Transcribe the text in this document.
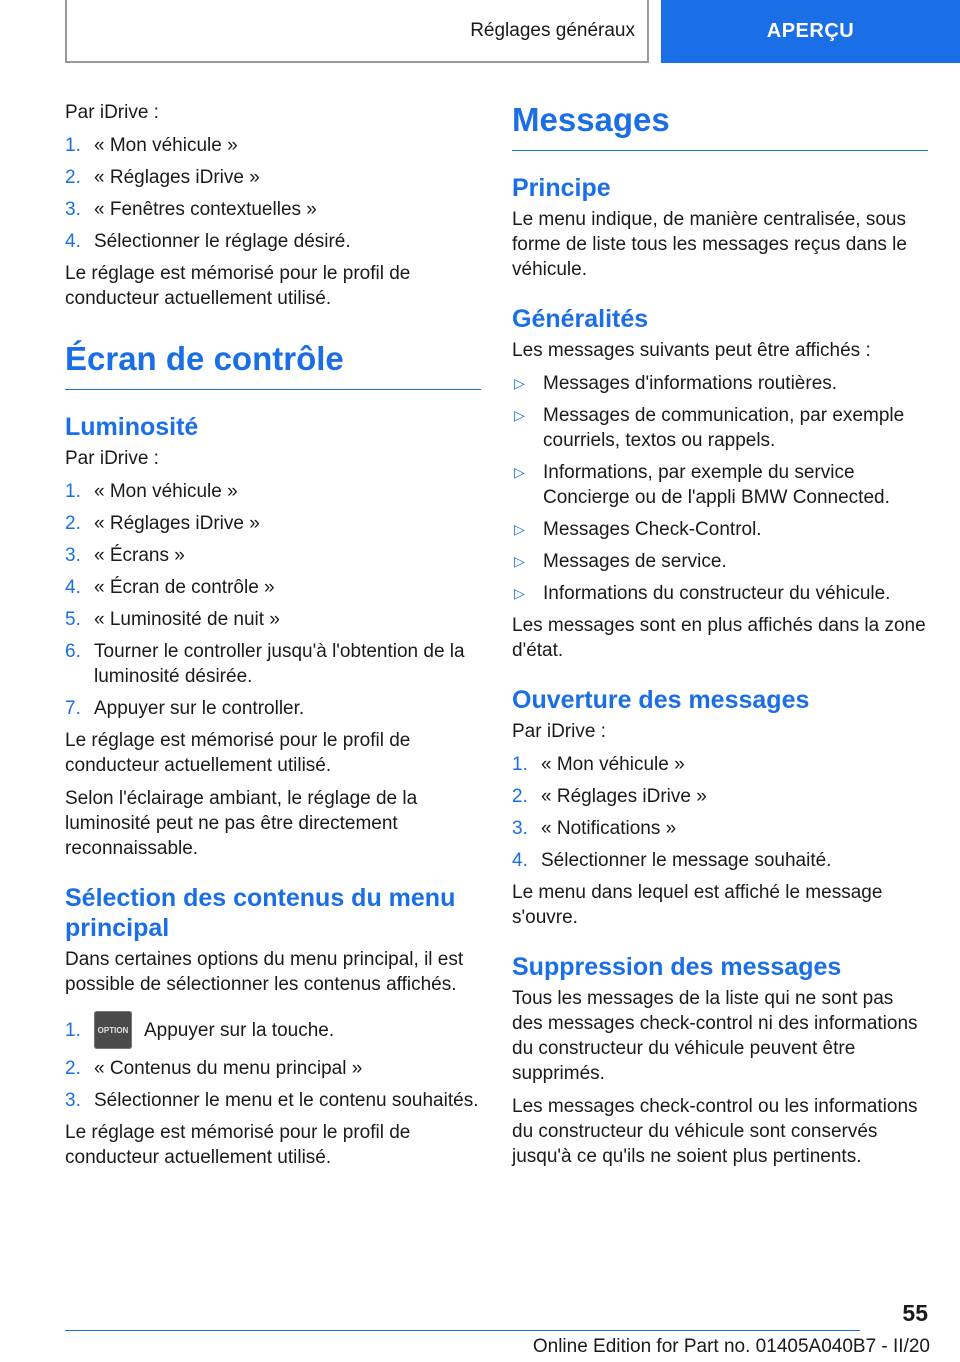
Réglages généraux	APERÇU

Par iDrive :

1. « Mon véhicule »
2. « Réglages iDrive »
3. « Fenêtres contextuelles »
4. Sélectionner le réglage désiré.

Le réglage est mémorisé pour le profil de conducteur actuellement utilisé.

Écran de contrôle
Luminosité

Par iDrive :

1. « Mon véhicule »
2. « Réglages iDrive »
3. « Écrans »
4. « Écran de contrôle »
5. « Luminosité de nuit »
6. Tourner le controller jusqu'à l'obtention de la luminosité désirée.
7. Appuyer sur le controller.

Le réglage est mémorisé pour le profil de conducteur actuellement utilisé.

Selon l'éclairage ambiant, le réglage de la luminosité peut ne pas être directement reconnaissable.

Sélection des contenus du menu principal

Dans certaines options du menu principal, il est possible de sélectionner les contenus affichés.

1.	OPTION Appuyer sur la touche.
2. « Contenus du menu principal »
3. Sélectionner le menu et le contenu souhaités.

Le réglage est mémorisé pour le profil de conducteur actuellement utilisé.

Messages
Principe

Le menu indique, de manière centralisée, sous forme de liste tous les messages reçus dans le véhicule.

Généralités

Les messages suivants peut être affichés :

▷ Messages d'informations routières.
▷ Messages de communication, par exemple courriels, textos ou rappels.
▷ Informations, par exemple du service Concierge ou de l'appli BMW Connected.
▷ Messages Check-Control.
▷ Messages de service.
▷ Informations du constructeur du véhicule.

Les messages sont en plus affichés dans la zone d'état.

Ouverture des messages

Par iDrive :

1. « Mon véhicule »
2. « Réglages iDrive »
3. « Notifications »
4. Sélectionner le message souhaité.

Le menu dans lequel est affiché le message s'ouvre.

Suppression des messages

Tous les messages de la liste qui ne sont pas des messages check-control ni des informations du constructeur du véhicule peuvent être supprimés.

Les messages check-control ou les informations du constructeur du véhicule sont conservés jusqu'à ce qu'ils ne soient plus pertinents.

55
Online Edition for Part no. 01405A040B7 - II/20
